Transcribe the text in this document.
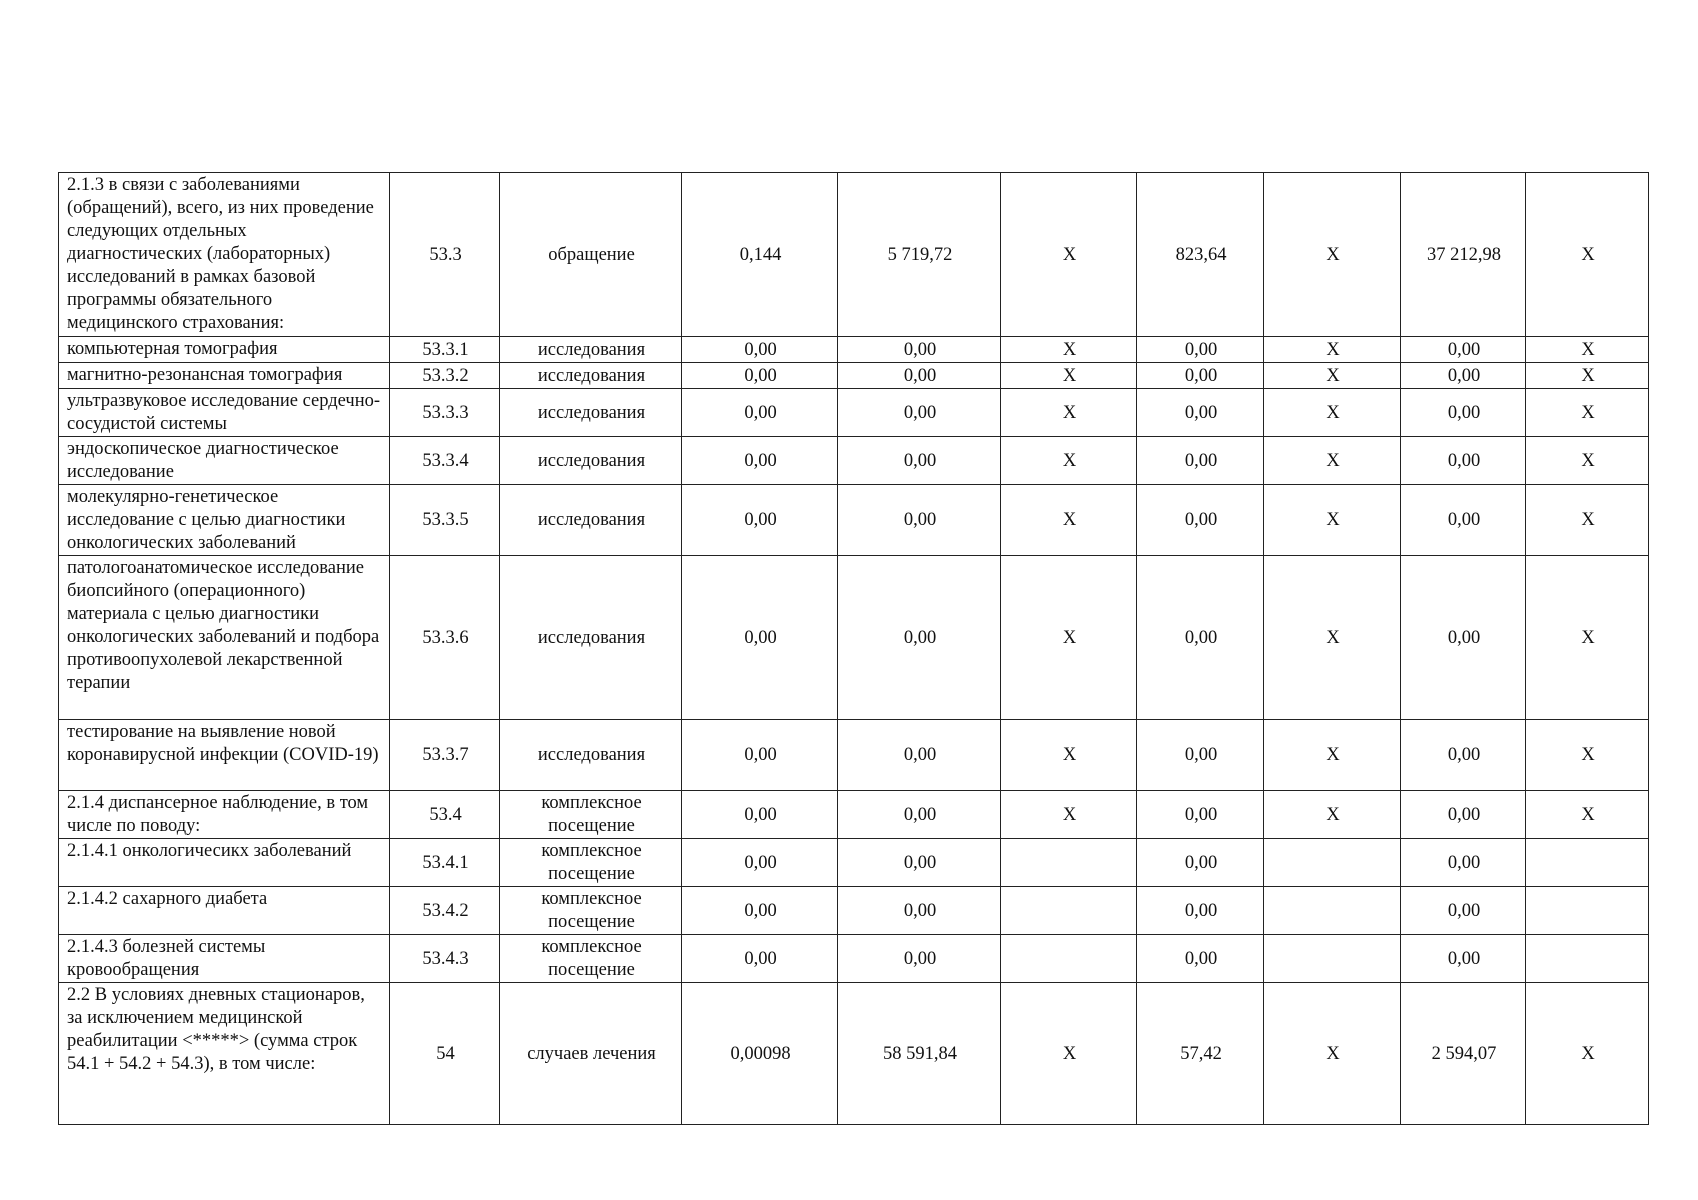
2.1.3 в связи с заболеваниями (обращений), всего, из них проведение следующих отдельных диагностических (лабораторных) исследований в рамках базовой программы обязательного медицинского страхования:	53.3	обращение	0,144	5 719,72	X	823,64	X	37 212,98	X
компьютерная томография	53.3.1	исследования	0,00	0,00	X	0,00	X	0,00	X
магнитно-резонансная томография	53.3.2	исследования	0,00	0,00	X	0,00	X	0,00	X
ультразвуковое исследование сердечно-сосудистой системы	53.3.3	исследования	0,00	0,00	X	0,00	X	0,00	X
эндоскопическое диагностическое исследование	53.3.4	исследования	0,00	0,00	X	0,00	X	0,00	X
молекулярно-генетическое исследование с целью диагностики онкологических заболеваний	53.3.5	исследования	0,00	0,00	X	0,00	X	0,00	X
патологоанатомическое исследование биопсийного (операционного) материала с целью диагностики онкологических заболеваний и подбора противоопухолевой лекарственной терапии	53.3.6	исследования	0,00	0,00	X	0,00	X	0,00	X
тестирование на выявление новой коронавирусной инфекции (COVID-19)	53.3.7	исследования	0,00	0,00	X	0,00	X	0,00	X
2.1.4 диспансерное наблюдение, в том числе по поводу:	53.4	комплексное посещение	0,00	0,00	X	0,00	X	0,00	X
2.1.4.1 онкологичесикх заболеваний	53.4.1	комплексное посещение	0,00	0,00		0,00		0,00	
2.1.4.2 сахарного диабета	53.4.2	комплексное посещение	0,00	0,00		0,00		0,00	
2.1.4.3 болезней системы кровообращения	53.4.3	комплексное посещение	0,00	0,00		0,00		0,00	
2.2 В условиях дневных стационаров, за исключением медицинской реабилитации <*****> (сумма строк 54.1 + 54.2 + 54.3), в том числе:	54	случаев лечения	0,00098	58 591,84	X	57,42	X	2 594,07	X
